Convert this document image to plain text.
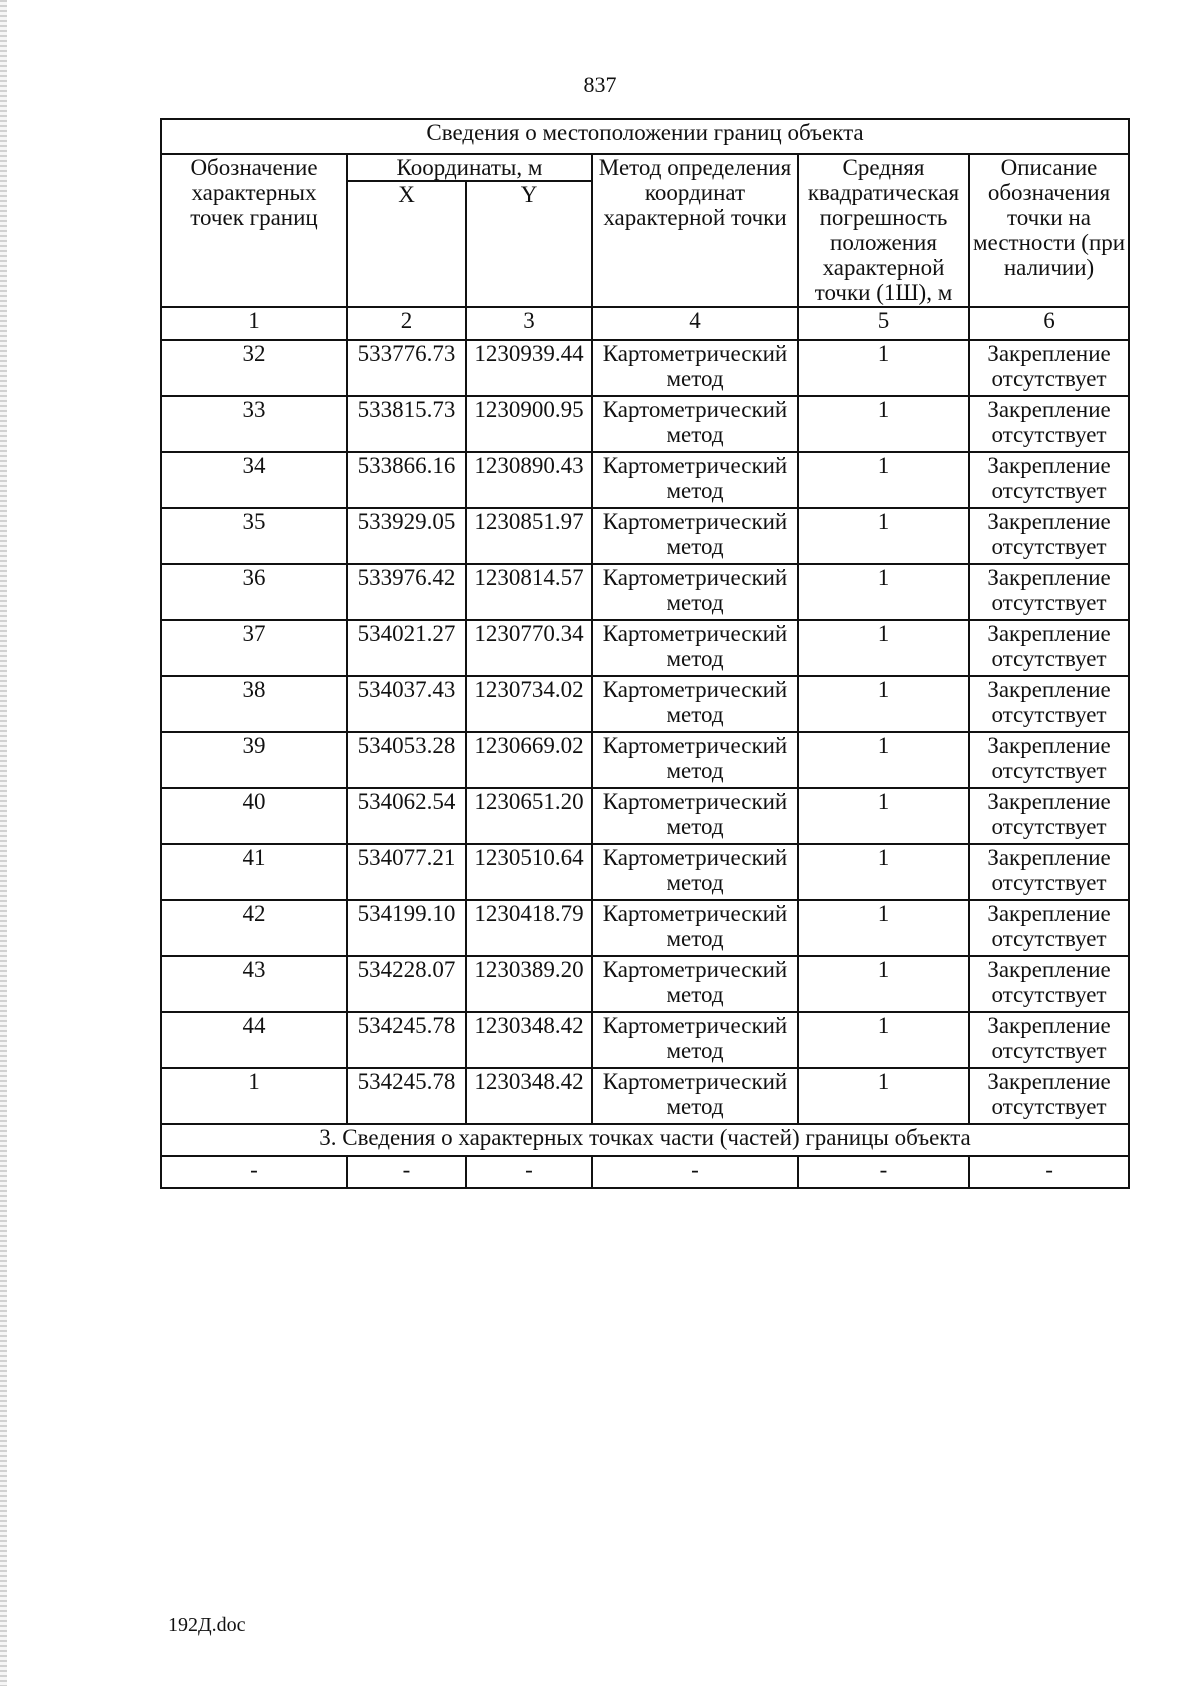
837
Сведения о местоположении границ объекта					
Обозначение характерных точек границ	Координаты, м		Метод определения координат характерной точки	Средняя квадратическая погрешность положения характерной точки (1Ш), м	Описание обозначения точки на местности (при наличии)
	X	Y			
1	2	3	4	5	6
32	533776.73	1230939.44	Картометрический метод	1	Закрепление отсутствует
33	533815.73	1230900.95	Картометрический метод	1	Закрепление отсутствует
34	533866.16	1230890.43	Картометрический метод	1	Закрепление отсутствует
35	533929.05	1230851.97	Картометрический метод	1	Закрепление отсутствует
36	533976.42	1230814.57	Картометрический метод	1	Закрепление отсутствует
37	534021.27	1230770.34	Картометрический метод	1	Закрепление отсутствует
38	534037.43	1230734.02	Картометрический метод	1	Закрепление отсутствует
39	534053.28	1230669.02	Картометрический метод	1	Закрепление отсутствует
40	534062.54	1230651.20	Картометрический метод	1	Закрепление отсутствует
41	534077.21	1230510.64	Картометрический метод	1	Закрепление отсутствует
42	534199.10	1230418.79	Картометрический метод	1	Закрепление отсутствует
43	534228.07	1230389.20	Картометрический метод	1	Закрепление отсутствует
44	534245.78	1230348.42	Картометрический метод	1	Закрепление отсутствует
1	534245.78	1230348.42	Картометрический метод	1	Закрепление отсутствует
3. Сведения о характерных точках части (частей) границы объекта					
-	-	-	-	-	-
192Д.doc
